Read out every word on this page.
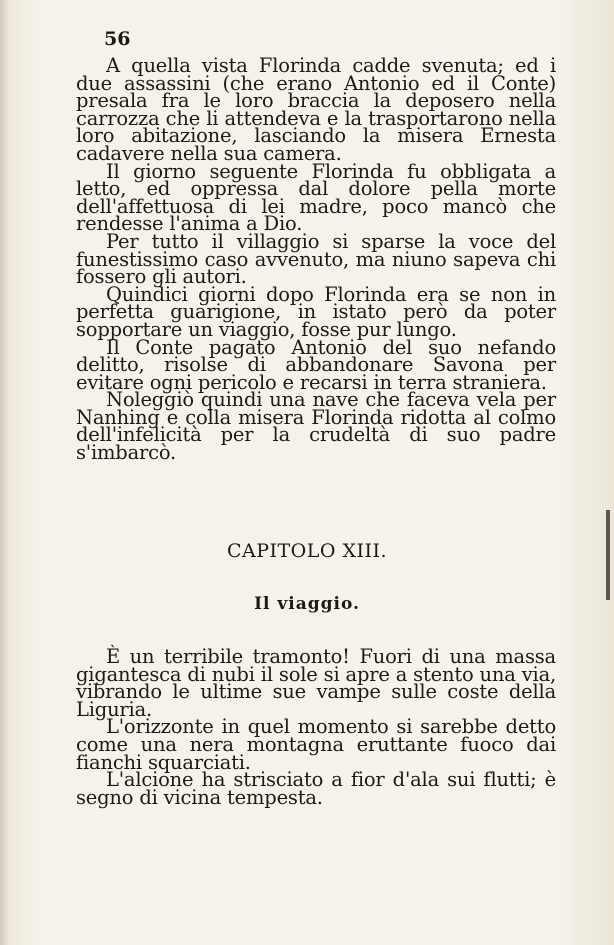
56

A quella vista Florinda cadde svenuta; ed i due assassini (che erano Antonio ed il Conte) presala fra le loro braccia la deposero nella carrozza che li attendeva e la trasportarono nella loro abitazione, lasciando la misera Ernesta cadavere nella sua camera.

Il giorno seguente Florinda fu obbligata a letto, ed oppressa dal dolore pella morte dell'affettuosa di lei madre, poco mancò che rendesse l'anima a Dio.

Per tutto il villaggio si sparse la voce del funestissimo caso avvenuto, ma niuno sapeva chi fossero gli autori.

Quindici giorni dopo Florinda era se non in perfetta guarigione, in istato però da poter sopportare un viaggio, fosse pur lungo.

Il Conte pagato Antonio del suo nefando delitto, risolse di abbandonare Savona per evitare ogni pericolo e recarsi in terra straniera.

Noleggiò quindi una nave che faceva vela per Nanhing e colla misera Florinda ridotta al colmo dell'infelicità per la crudeltà di suo padre s'imbarcò.

CAPITOLO XIII.
Il viaggio.

È un terribile tramonto! Fuori di una massa gigantesca di nubi il sole si apre a stento una via, vibrando le ultime sue vampe sulle coste della Liguria.

L'orizzonte in quel momento si sarebbe detto come una nera montagna eruttante fuoco dai fianchi squarciati.

L'alcione ha strisciato a fior d'ala sui flutti; è segno di vicina tempesta.
